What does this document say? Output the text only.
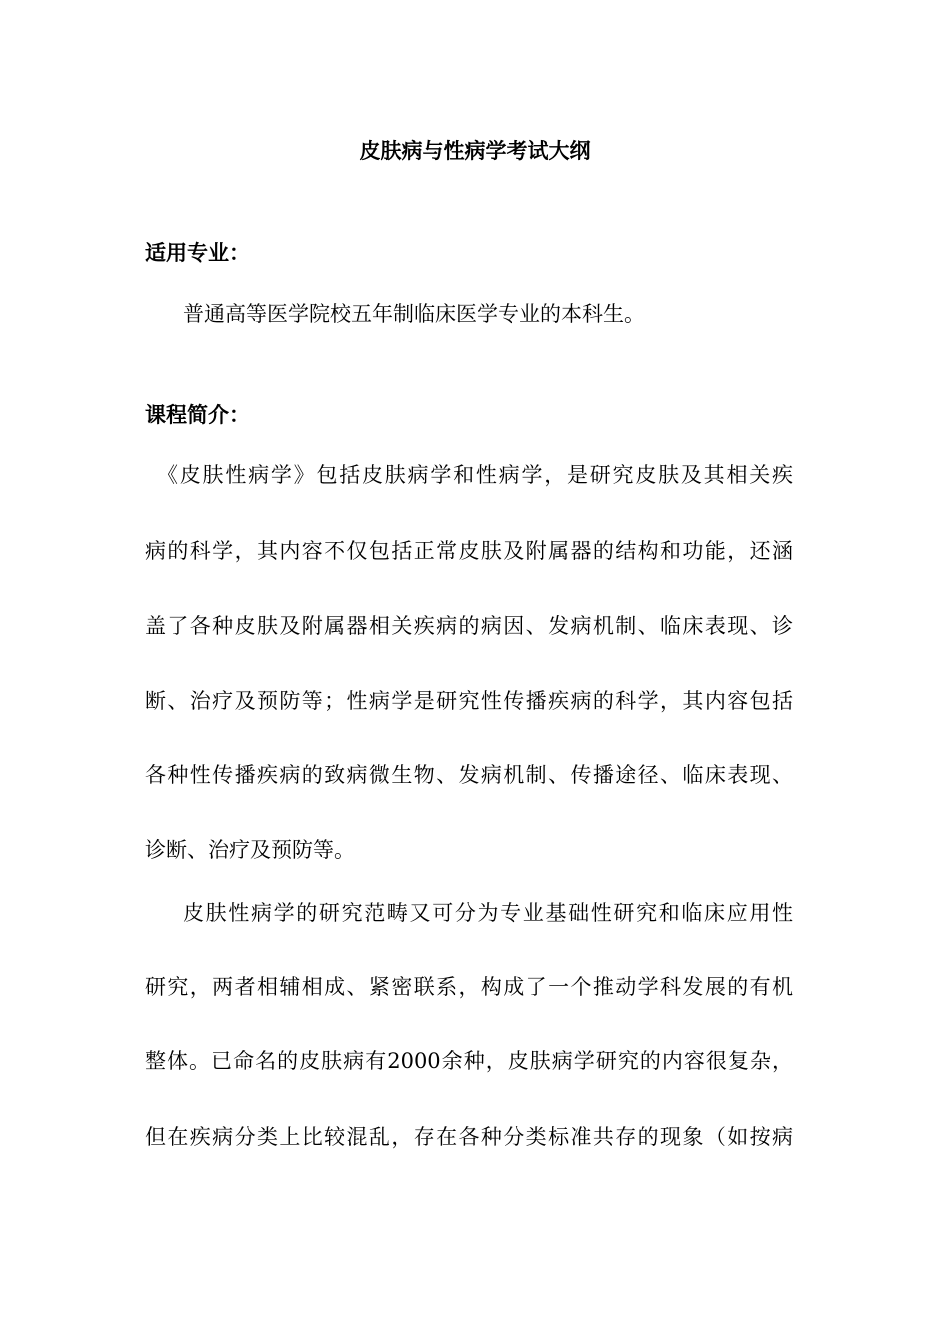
皮肤病与性病学考试大纲
适用专业：
普通高等医学院校五年制临床医学专业的本科生。
课程简介：
《皮肤性病学》包括皮肤病学和性病学，是研究皮肤及其相关疾
病的科学，其内容不仅包括正常皮肤及附属器的结构和功能，还涵
盖了各种皮肤及附属器相关疾病的病因、发病机制、临床表现、诊
断、治疗及预防等；性病学是研究性传播疾病的科学，其内容包括
各种性传播疾病的致病微生物、发病机制、传播途径、临床表现、
诊断、治疗及预防等。
皮肤性病学的研究范畴又可分为专业基础性研究和临床应用性
研究，两者相辅相成、紧密联系，构成了一个推动学科发展的有机
整体。已命名的皮肤病有2000余种，皮肤病学研究的内容很复杂，
但在疾病分类上比较混乱，存在各种分类标准共存的现象（如按病
